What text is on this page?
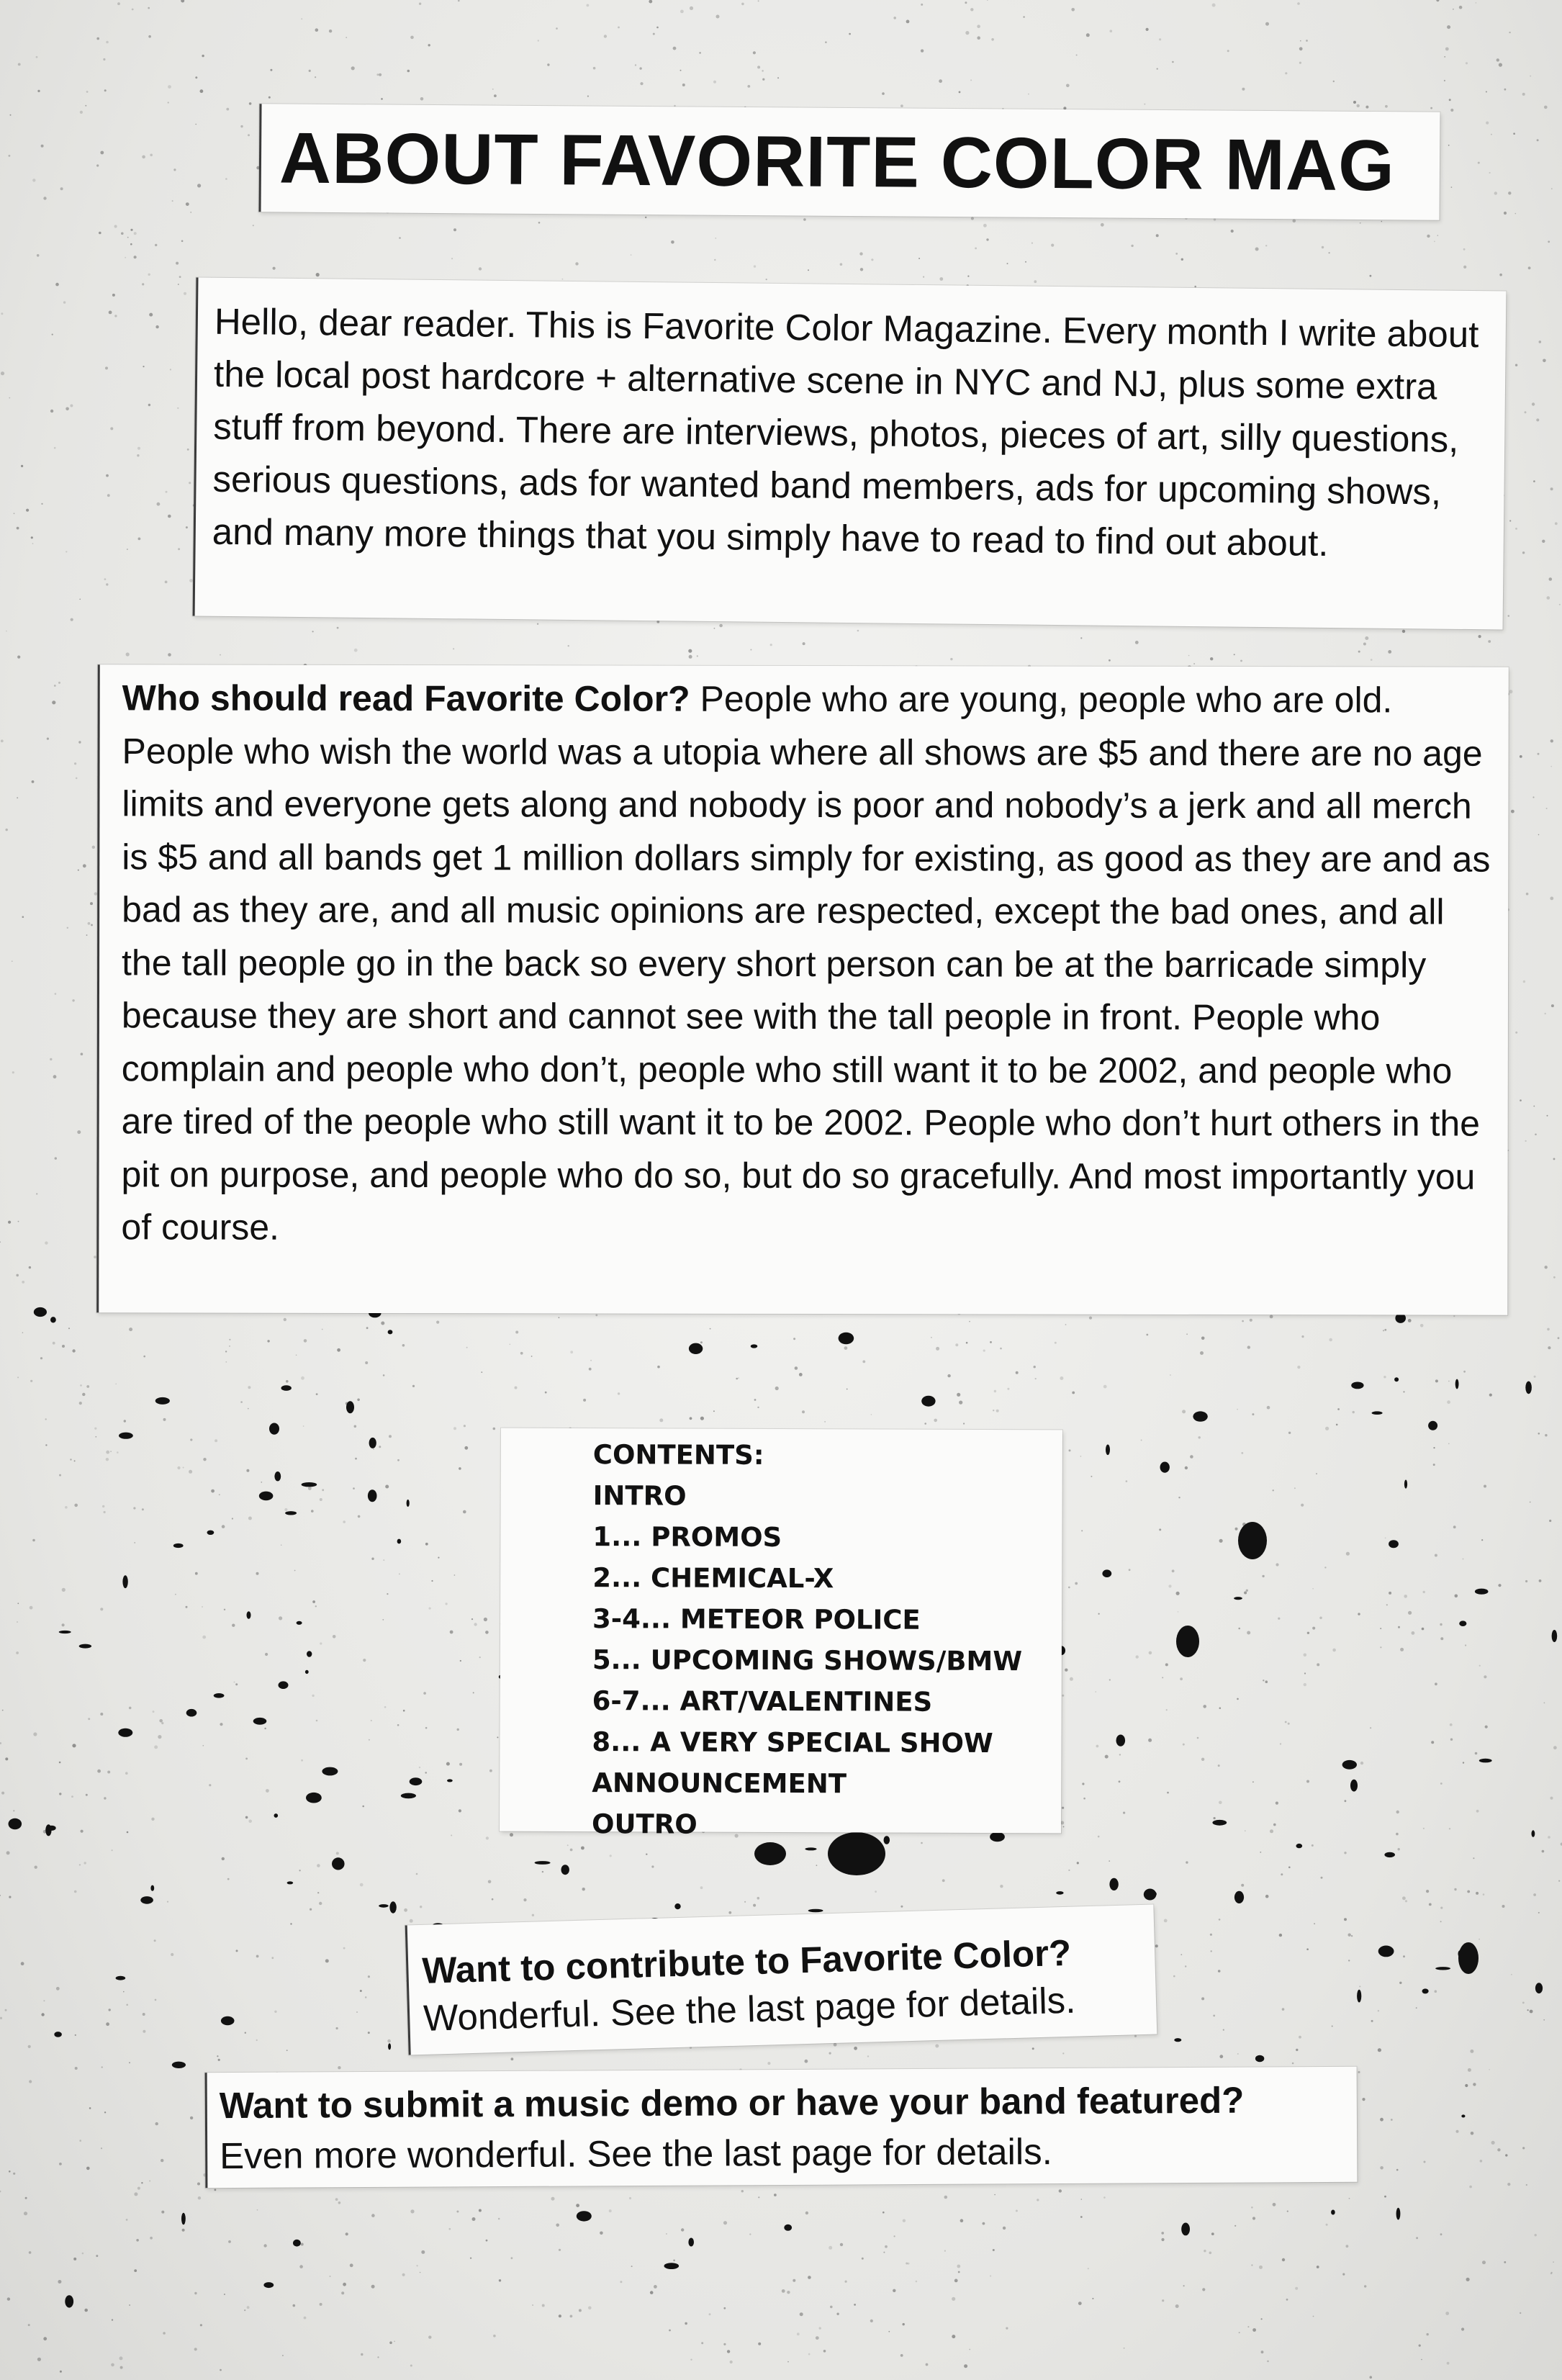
ABOUT FAVORITE COLOR MAG

Hello, dear reader. This is Favorite Color Magazine. Every month I write about the local post hardcore + alternative scene in NYC and NJ, plus some extra stuff from beyond. There are interviews, photos, pieces of art, silly questions, serious questions, ads for wanted band members, ads for upcoming shows, and many more things that you simply have to read to find out about.

Who should read Favorite Color? People who are young, people who are old. People who wish the world was a utopia where all shows are $5 and there are no age limits and everyone gets along and nobody is poor and nobody’s a jerk and all merch is $5 and all bands get 1 million dollars simply for existing, as good as they are and as bad as they are, and all music opinions are respected, except the bad ones, and all the tall people go in the back so every short person can be at the barricade simply because they are short and cannot see with the tall people in front. People who complain and people who don’t, people who still want it to be 2002, and people who are tired of the people who still want it to be 2002. People who don’t hurt others in the pit on purpose, and people who do so, but do so gracefully. And most importantly you of course.

CONTENTS:
INTRO
1... PROMOS
2... CHEMICAL-X
3-4... METEOR POLICE
5... UPCOMING SHOWS/BMW
6-7... ART/VALENTINES
8... A VERY SPECIAL SHOW
ANNOUNCEMENT
OUTRO
Want to contribute to Favorite Color?
Wonderful. See the last page for details.
Want to submit a music demo or have your band featured?
Even more wonderful. See the last page for details.
